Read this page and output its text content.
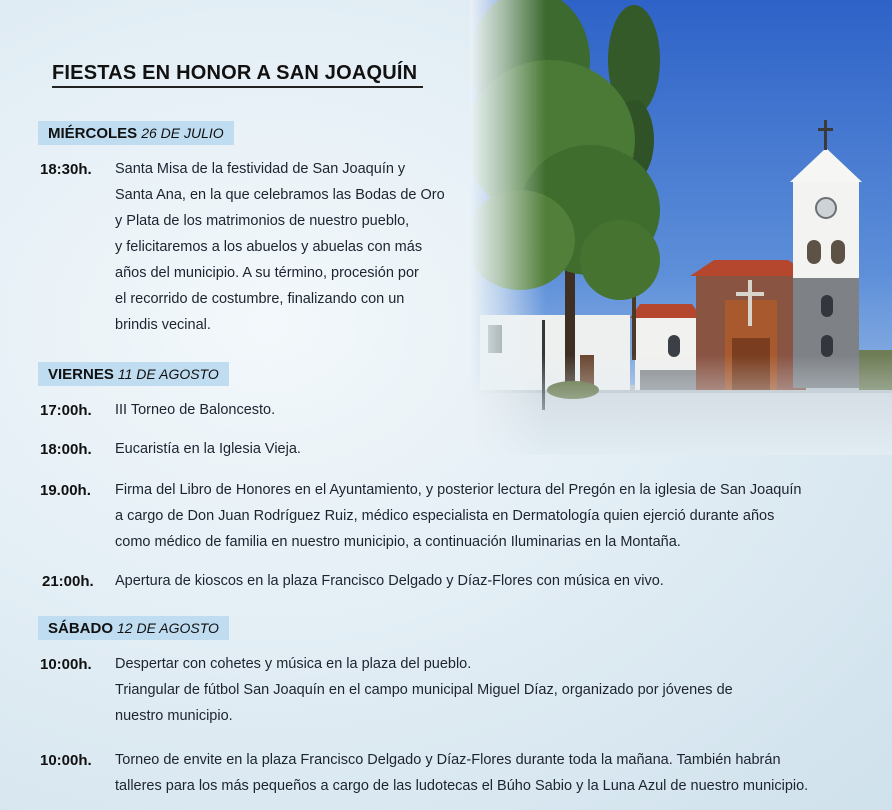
FIESTAS EN HONOR A SAN JOAQUÍN
MIÉRCOLES 26 DE JULIO
18:30h. Santa Misa de la festividad de San Joaquín y
Santa Ana, en la que celebramos las Bodas de Oro
y Plata de los matrimonios de nuestro pueblo,
y felicitaremos a los abuelos y abuelas con más
años del municipio. A su término, procesión por
el recorrido de costumbre, finalizando con un
brindis vecinal.
VIERNES 11 DE AGOSTO
17:00h. III Torneo de Baloncesto.
18:00h. Eucaristía en la Iglesia Vieja.
19.00h. Firma del Libro de Honores en el Ayuntamiento, y posterior lectura del Pregón en la iglesia de San Joaquín
a cargo de Don Juan Rodríguez Ruiz, médico especialista en Dermatología quien ejerció durante años
como médico de familia en nuestro municipio, a continuación Iluminarias en la Montaña.
21:00h. Apertura de kioscos en la plaza Francisco Delgado y Díaz-Flores con música en vivo.
SÁBADO 12 DE AGOSTO
10:00h. Despertar con cohetes y música en la plaza del pueblo.
Triangular de fútbol San Joaquín en el campo municipal Miguel Díaz, organizado por jóvenes de
nuestro municipio.
10:00h. Torneo de envite en la plaza Francisco Delgado y Díaz-Flores durante toda la mañana. También habrán
talleres para los más pequeños a cargo de las ludotecas el Búho Sabio y la Luna Azul de nuestro municipio.
